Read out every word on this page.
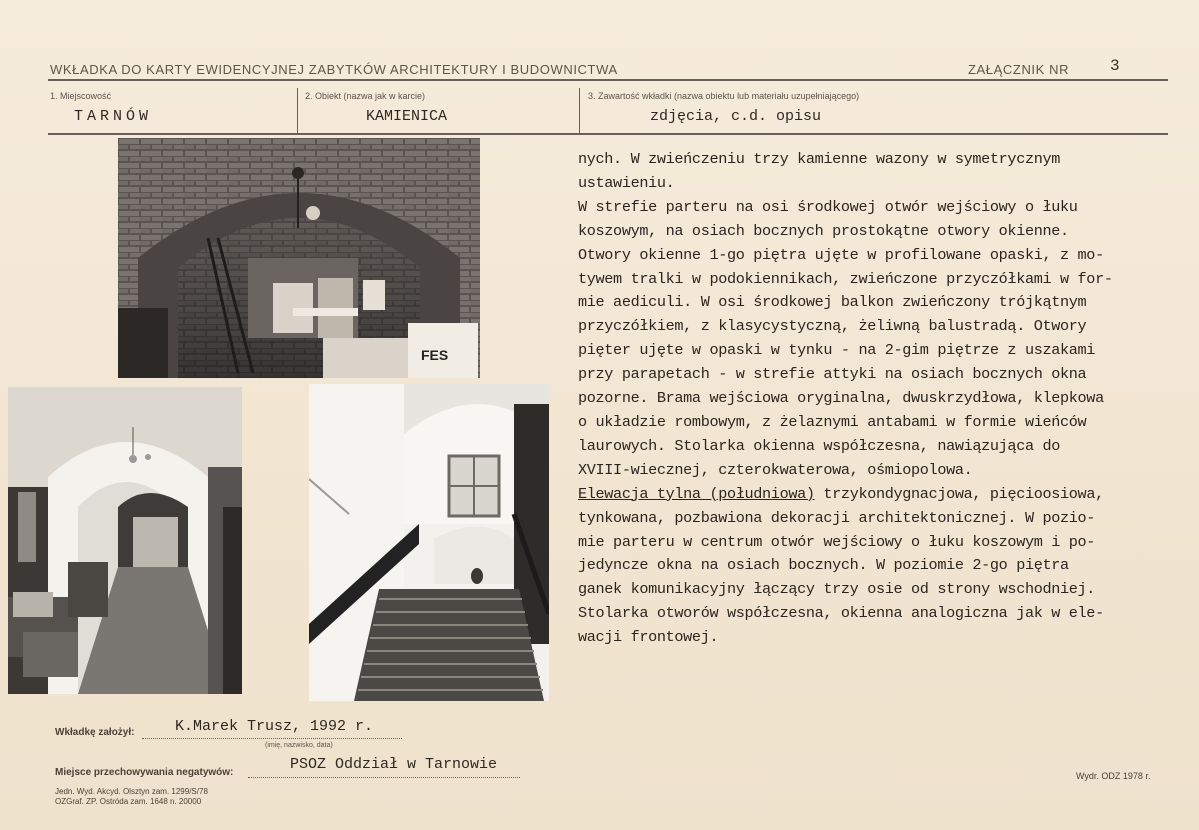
WKŁADKA DO KARTY EWIDENCYJNEJ ZABYTKÓW ARCHITEKTURY I BUDOWNICTWA	ZAŁĄCZNIK NR	3
1. Miejscowość
TARNÓW
2. Obiekt (nazwa jak w karcie)
KAMIENICA
3. Zawartość wkładki (nazwa obiektu lub materiału uzupełniającego)
zdjęcia, c.d. opisu
FES
nych. W zwieńczeniu trzy kamienne wazony w symetrycznym
ustawieniu.
W strefie parteru na osi środkowej otwór wejściowy o łuku
koszowym, na osiach bocznych prostokątne otwory okienne.
Otwory okienne 1-go piętra ujęte w profilowane opaski, z mo-
tywem tralki w podokiennikach, zwieńczone przyczółkami w for-
mie aediculi. W osi środkowej balkon zwieńczony trójkątnym
przyczółkiem, z klasycystyczną, żeliwną balustradą. Otwory
pięter ujęte w opaski w tynku - na 2-gim piętrze z uszakami
przy parapetach - w strefie attyki na osiach bocznych okna
pozorne. Brama wejściowa oryginalna, dwuskrzydłowa, klepkowa
o układzie rombowym, z żelaznymi antabami w formie wieńców
laurowych. Stolarka okienna współczesna, nawiązująca do
XVIII-wiecznej, czterokwaterowa, ośmiopolowa.
Elewacja tylna (południowa) trzykondygnacjowa, pięcioosiowa,
tynkowana, pozbawiona dekoracji architektonicznej. W pozio-
mie parteru w centrum otwór wejściowy o łuku koszowym i po-
jedyncze okna na osiach bocznych. W poziomie 2-go piętra
ganek komunikacyjny łączący trzy osie od strony wschodniej.
Stolarka otworów współczesna, okienna analogiczna jak w ele-
wacji frontowej.
Wkładkę założył:	K.Marek Trusz, 1992 r.
(imię, nazwisko, data)
Miejsce przechowywania negatywów:	PSOZ Oddział w Tarnowie
Jedn. Wyd. Akcyd. Olsztyn zam. 1299/S/78
OZGraf. ZP. Ostróda zam. 1648 n. 20000
Wydr. ODZ 1978 r.
